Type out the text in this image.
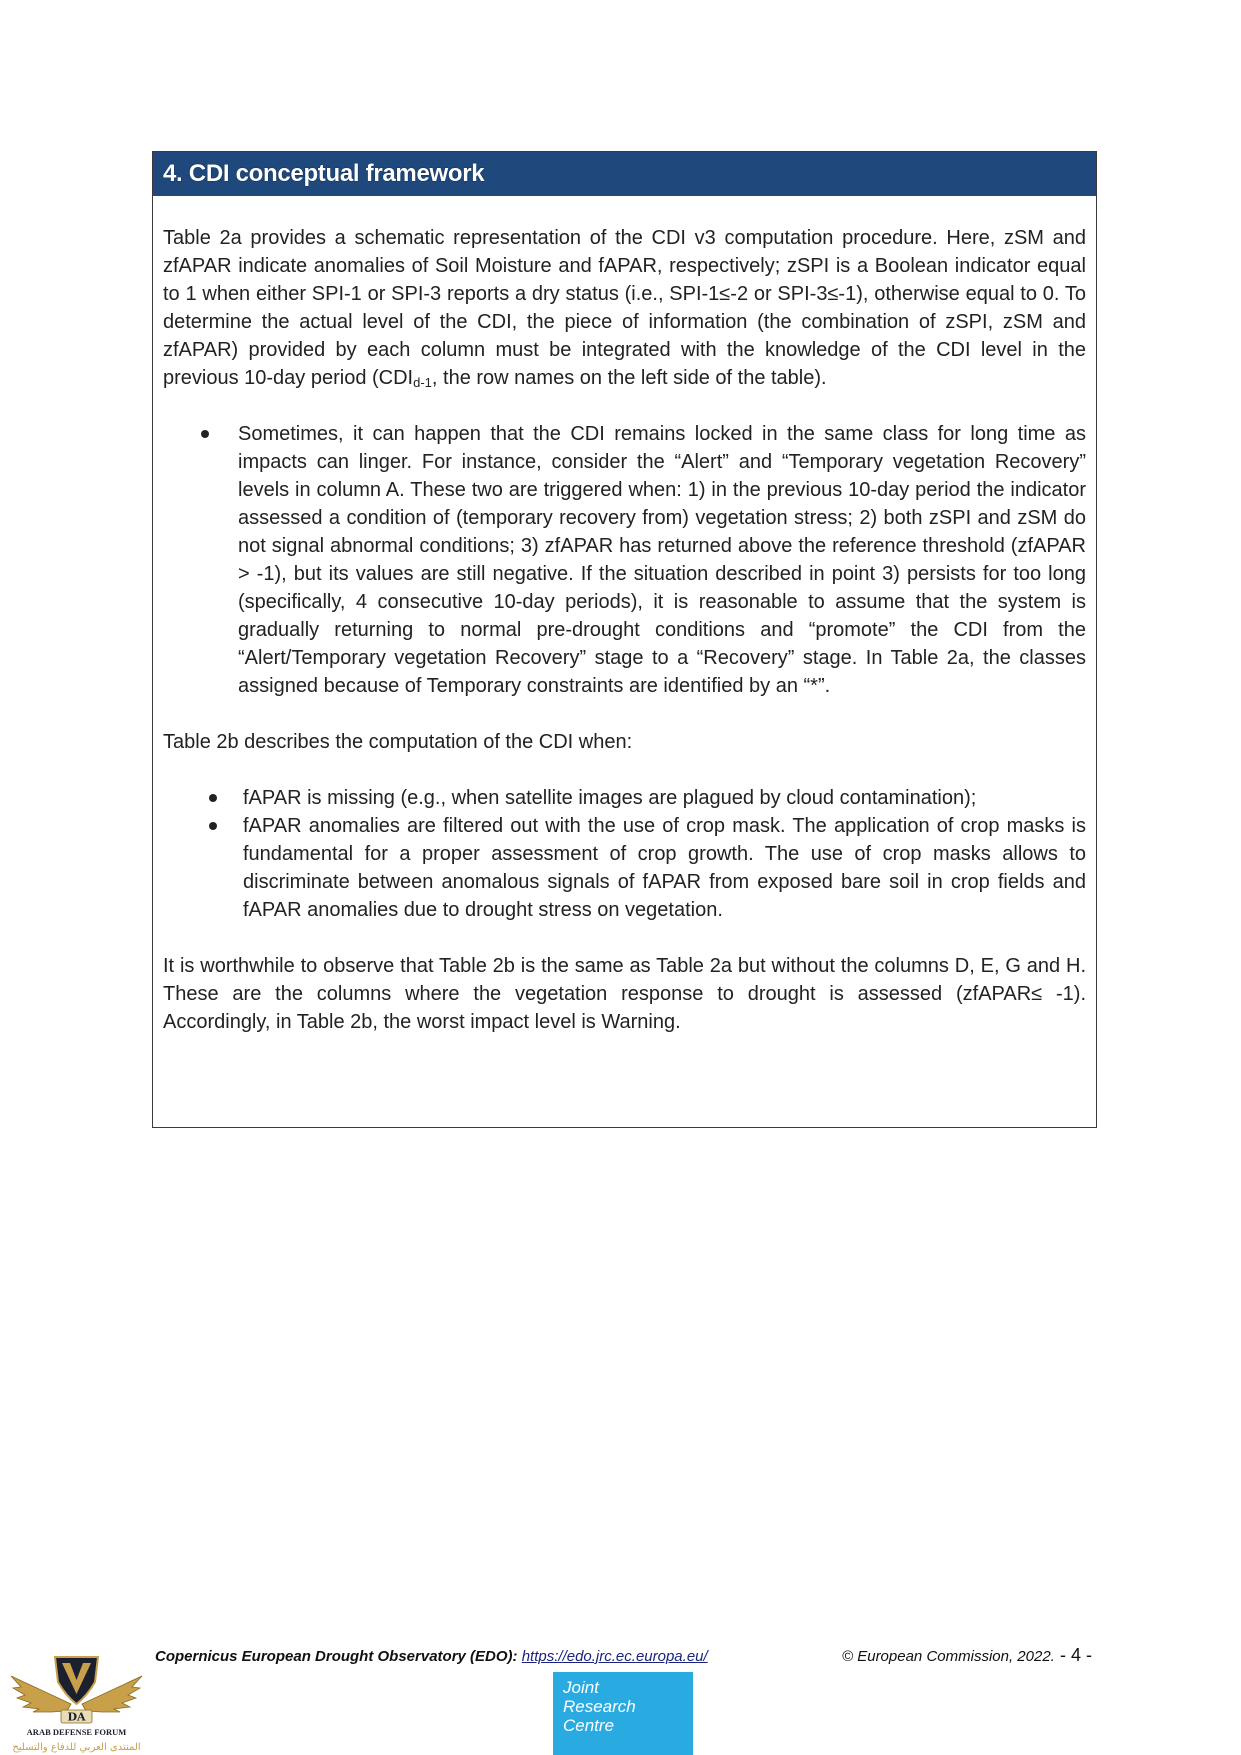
4. CDI conceptual framework

Table 2a provides a schematic representation of the CDI v3 computation procedure. Here, zSM and zfAPAR indicate anomalies of Soil Moisture and fAPAR, respectively; zSPI is a Boolean indicator equal to 1 when either SPI-1 or SPI-3 reports a dry status (i.e., SPI-1≤-2 or SPI-3≤-1), otherwise equal to 0. To determine the actual level of the CDI, the piece of information (the combination of zSPI, zSM and zfAPAR) provided by each column must be integrated with the knowledge of the CDI level in the previous 10-day period ($CDI_{d-1}$, the row names on the left side of the table).

Sometimes, it can happen that the CDI remains locked in the same class for long time as impacts can linger. For instance, consider the “Alert” and “Temporary vegetation Recovery” levels in column A. These two are triggered when: 1) in the previous 10-day period the indicator assessed a condition of (temporary recovery from) vegetation stress; 2) both zSPI and zSM do not signal abnormal conditions; 3) zfAPAR has returned above the reference threshold (zfAPAR > -1), but its values are still negative. If the situation described in point 3) persists for too long (specifically, 4 consecutive 10-day periods), it is reasonable to assume that the system is gradually returning to normal pre-drought conditions and “promote” the CDI from the “Alert/Temporary vegetation Recovery” stage to a “Recovery” stage. In Table 2a, the classes assigned because of Temporary constraints are identified by an “*”.

Table 2b describes the computation of the CDI when:

fAPAR is missing (e.g., when satellite images are plagued by cloud contamination);
fAPAR anomalies are filtered out with the use of crop mask. The application of crop masks is fundamental for a proper assessment of crop growth. The use of crop masks allows to discriminate between anomalous signals of fAPAR from exposed bare soil in crop fields and fAPAR anomalies due to drought stress on vegetation.

It is worthwhile to observe that Table 2b is the same as Table 2a but without the columns D, E, G and H. These are the columns where the vegetation response to drought is assessed (zfAPAR≤ -1). Accordingly, in Table 2b, the worst impact level is Warning.

Copernicus European Drought Observatory (EDO): https://edo.jrc.ec.europa.eu/	© European Commission, 2022. - 4 -
Joint
Research
Centre
DA
ARAB DEFENSE FORUM
المنتدى العربي للدفاع والتسليح
